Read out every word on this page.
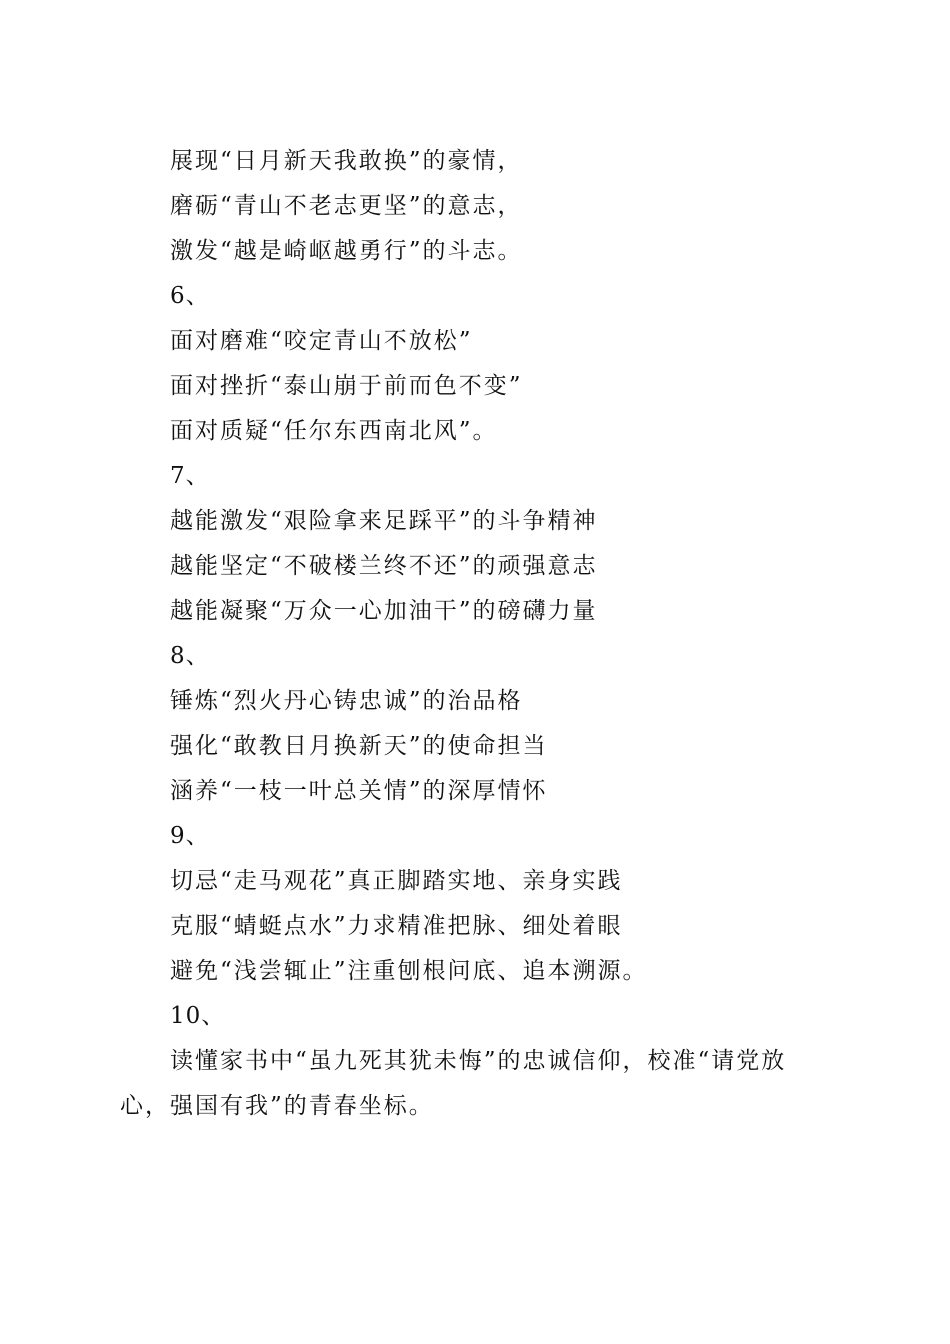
展现“日月新天我敢换”的豪情，
磨砺“青山不老志更坚”的意志，
激发“越是崎岖越勇行”的斗志。
6、
面对磨难“咬定青山不放松”
面对挫折“泰山崩于前而色不变”
面对质疑“任尔东西南北风”。
7、
越能激发“艰险拿来足踩平”的斗争精神
越能坚定“不破楼兰终不还”的顽强意志
越能凝聚“万众一心加油干”的磅礴力量
8、
锤炼“烈火丹心铸忠诚”的治品格
强化“敢教日月换新天”的使命担当
涵养“一枝一叶总关情”的深厚情怀
9、
切忌“走马观花”真正脚踏实地、亲身实践
克服“蜻蜓点水”力求精准把脉、细处着眼
避免“浅尝辄止”注重刨根问底、追本溯源。
10、
读懂家书中“虽九死其犹未悔”的忠诚信仰，校准“请党放心，强国有我”的青春坐标。
